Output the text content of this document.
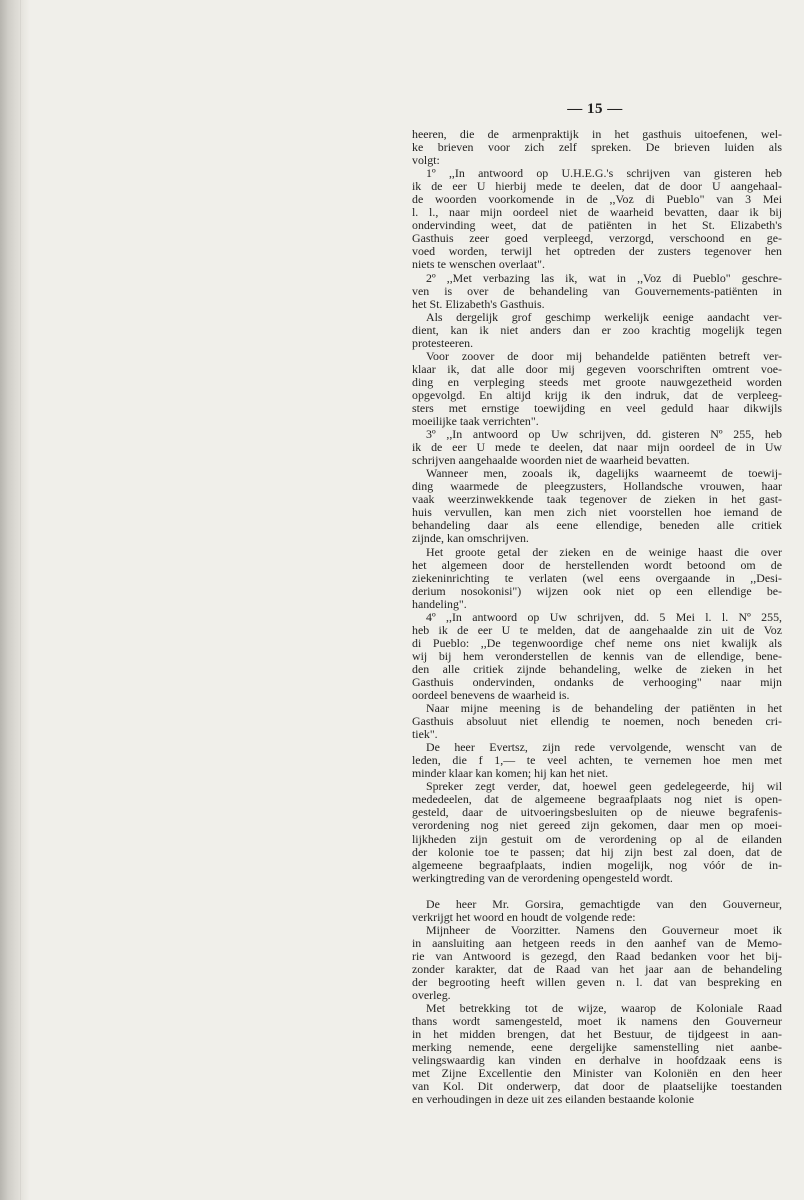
— 15 —
heeren, die de armenpraktijk in het gasthuis uitoefenen, wel-
ke brieven voor zich zelf spreken. De brieven luiden als
volgt:
1º ,,In antwoord op U.H.E.G.'s schrijven van gisteren heb
ik de eer U hierbij mede te deelen, dat de door U aangehaal-
de woorden voorkomende in de ,,Voz di Pueblo" van 3 Mei
l. l., naar mijn oordeel niet de waarheid bevatten, daar ik bij
ondervinding weet, dat de patiënten in het St. Elizabeth's
Gasthuis zeer goed verpleegd, verzorgd, verschoond en ge-
voed worden, terwijl het optreden der zusters tegenover hen
niets te wenschen overlaat".
2º ,,Met verbazing las ik, wat in ,,Voz di Pueblo" geschre-
ven is over de behandeling van Gouvernements-patiënten in
het St. Elizabeth's Gasthuis.
Als dergelijk grof geschimp werkelijk eenige aandacht ver-
dient, kan ik niet anders dan er zoo krachtig mogelijk tegen
protesteeren.
Voor zoover de door mij behandelde patiënten betreft ver-
klaar ik, dat alle door mij gegeven voorschriften omtrent voe-
ding en verpleging steeds met groote nauwgezetheid worden
opgevolgd. En altijd krijg ik den indruk, dat de verpleeg-
sters met ernstige toewijding en veel geduld haar dikwijls
moeilijke taak verrichten".
3º ,,In antwoord op Uw schrijven, dd. gisteren Nº 255, heb
ik de eer U mede te deelen, dat naar mijn oordeel de in Uw
schrijven aangehaalde woorden niet de waarheid bevatten.
Wanneer men, zooals ik, dagelijks waarneemt de toewij-
ding waarmede de pleegzusters, Hollandsche vrouwen, haar
vaak weerzinwekkende taak tegenover de zieken in het gast-
huis vervullen, kan men zich niet voorstellen hoe iemand de
behandeling daar als eene ellendige, beneden alle critiek
zijnde, kan omschrijven.
Het groote getal der zieken en de weinige haast die over
het algemeen door de herstellenden wordt betoond om de
ziekeninrichting te verlaten (wel eens overgaande in ,,Desi-
derium nosokonisi") wijzen ook niet op een ellendige be-
handeling".
4º ,,In antwoord op Uw schrijven, dd. 5 Mei l. l. Nº 255,
heb ik de eer U te melden, dat de aangehaalde zin uit de Voz
di Pueblo: ,,De tegenwoordige chef neme ons niet kwalijk als
wij bij hem veronderstellen de kennis van de ellendige, bene-
den alle critiek zijnde behandeling, welke de zieken in het
Gasthuis ondervinden, ondanks de verhooging" naar mijn
oordeel benevens de waarheid is.
Naar mijne meening is de behandeling der patiënten in het
Gasthuis absoluut niet ellendig te noemen, noch beneden cri-
tiek".
De heer Evertsz, zijn rede vervolgende, wenscht van de
leden, die f 1,— te veel achten, te vernemen hoe men met
minder klaar kan komen; hij kan het niet.
Spreker zegt verder, dat, hoewel geen gedelegeerde, hij wil
mededeelen, dat de algemeene begraafplaats nog niet is open-
gesteld, daar de uitvoeringsbesluiten op de nieuwe begrafenis-
verordening nog niet gereed zijn gekomen, daar men op moei-
lijkheden zijn gestuit om de verordening op al de eilanden
der kolonie toe te passen; dat hij zijn best zal doen, dat de
algemeene begraafplaats, indien mogelijk, nog vóór de in-
werkingtreding van de verordening opengesteld wordt.
De heer Mr. Gorsira, gemachtigde van den Gouverneur,
verkrijgt het woord en houdt de volgende rede:
Mijnheer de Voorzitter. Namens den Gouverneur moet ik
in aansluiting aan hetgeen reeds in den aanhef van de Memo-
rie van Antwoord is gezegd, den Raad bedanken voor het bij-
zonder karakter, dat de Raad van het jaar aan de behandeling
der begrooting heeft willen geven n. l. dat van bespreking en
overleg.
Met betrekking tot de wijze, waarop de Koloniale Raad
thans wordt samengesteld, moet ik namens den Gouverneur
in het midden brengen, dat het Bestuur, de tijdgeest in aan-
merking nemende, eene dergelijke samenstelling niet aanbe-
velingswaardig kan vinden en derhalve in hoofdzaak eens is
met Zijne Excellentie den Minister van Koloniën en den heer
van Kol. Dit onderwerp, dat door de plaatselijke toestanden
en verhoudingen in deze uit zes eilanden bestaande kolonie
